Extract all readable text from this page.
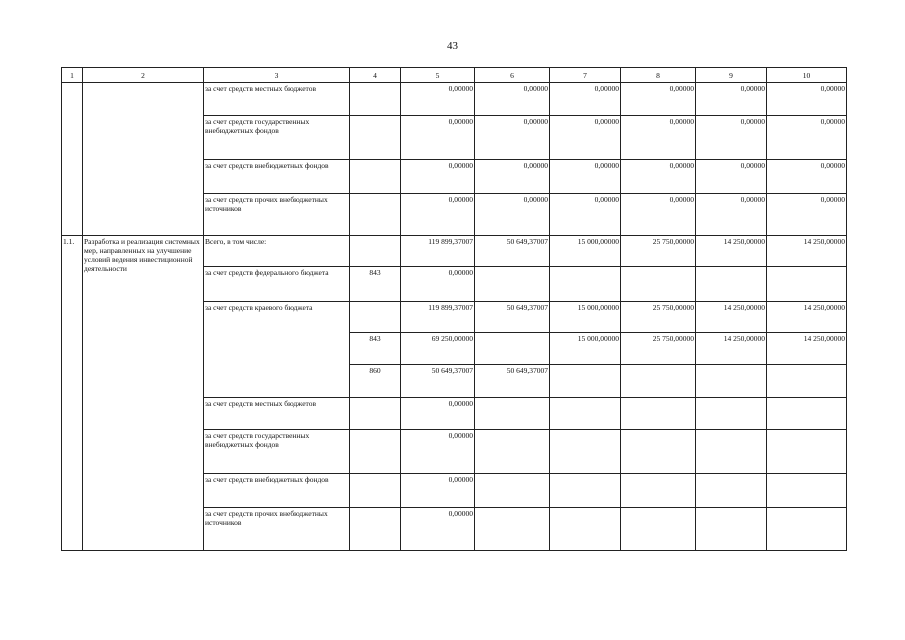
43
1	2	3	4	5	6	7	8	9	10
		за счет средств местных бюджетов		0,00000	0,00000	0,00000	0,00000	0,00000	0,00000
		за счет средств государственных внебюджетных фондов		0,00000	0,00000	0,00000	0,00000	0,00000	0,00000
		за счет средств внебюджетных фондов		0,00000	0,00000	0,00000	0,00000	0,00000	0,00000
		за счет средств прочих внебюджетных источников		0,00000	0,00000	0,00000	0,00000	0,00000	0,00000
1.1.	Разработка и реализация системных мер, направленных на улучшение условий ведения инвестиционной деятельности	Всего, в том числе:		119 899,37007	50 649,37007	15 000,00000	25 750,00000	14 250,00000	14 250,00000
		за счет средств федерального бюджета	843	0,00000					
		за счет средств краевого бюджета		119 899,37007	50 649,37007	15 000,00000	25 750,00000	14 250,00000	14 250,00000
			843	69 250,00000		15 000,00000	25 750,00000	14 250,00000	14 250,00000
			860	50 649,37007	50 649,37007				
		за счет средств местных бюджетов		0,00000					
		за счет средств государственных внебюджетных фондов		0,00000					
		за счет средств внебюджетных фондов		0,00000					
		за счет средств прочих внебюджетных источников		0,00000					
